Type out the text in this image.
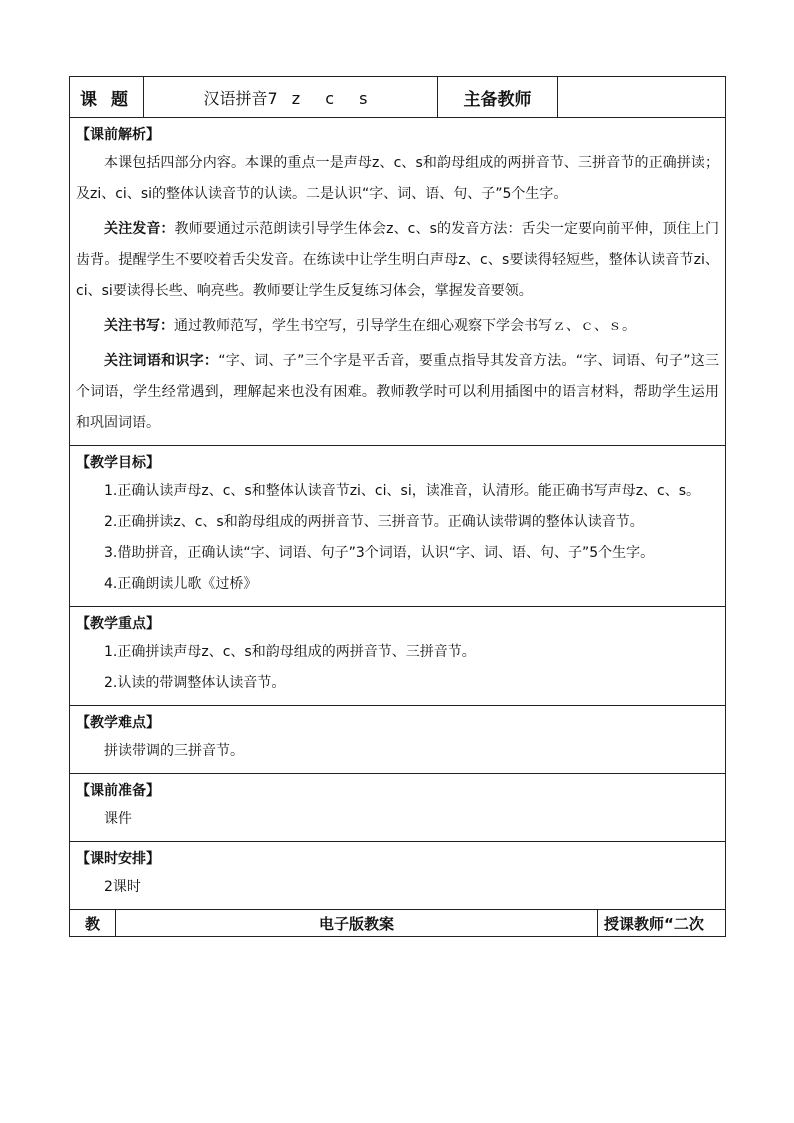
课题	汉语拼音7 z c s	主备教师	

【课前解析】

本课包括四部分内容。本课的重点一是声母z、c、s和韵母组成的两拼音节、三拼音节的正确拼读；及zi、ci、si的整体认读音节的认读。二是认识“字、词、语、句、子”5个生字。

关注发音：教师要通过示范朗读引导学生体会z、c、s的发音方法：舌尖一定要向前平伸，顶住上门齿背。提醒学生不要咬着舌尖发音。在练读中让学生明白声母z、c、s要读得轻短些，整体认读音节zi、ci、si要读得长些、响亮些。教师要让学生反复练习体会，掌握发音要领。

关注书写：通过教师范写，学生书空写，引导学生在细心观察下学会书写ｚ、ｃ、ｓ。

关注词语和识字：“字、词、子”三个字是平舌音，要重点指导其发音方法。“字、词语、句子”这三个词语，学生经常遇到，理解起来也没有困难。教师教学时可以利用插图中的语言材料，帮助学生运用和巩固词语。

【教学目标】

1.正确认读声母z、c、s和整体认读音节zi、ci、si，读准音，认清形。能正确书写声母z、c、s。

2.正确拼读z、c、s和韵母组成的两拼音节、三拼音节。正确认读带调的整体认读音节。

3.借助拼音，正确认读“字、词语、句子”3个词语，认识“字、词、语、句、子”5个生字。

4.正确朗读儿歌《过桥》

【教学重点】

1.正确拼读声母z、c、s和韵母组成的两拼音节、三拼音节。

2.认读的带调整体认读音节。

【教学难点】

拼读带调的三拼音节。

【课前准备】

课件

【课时安排】

2课时

教	电子版教案	授课教师“二次
